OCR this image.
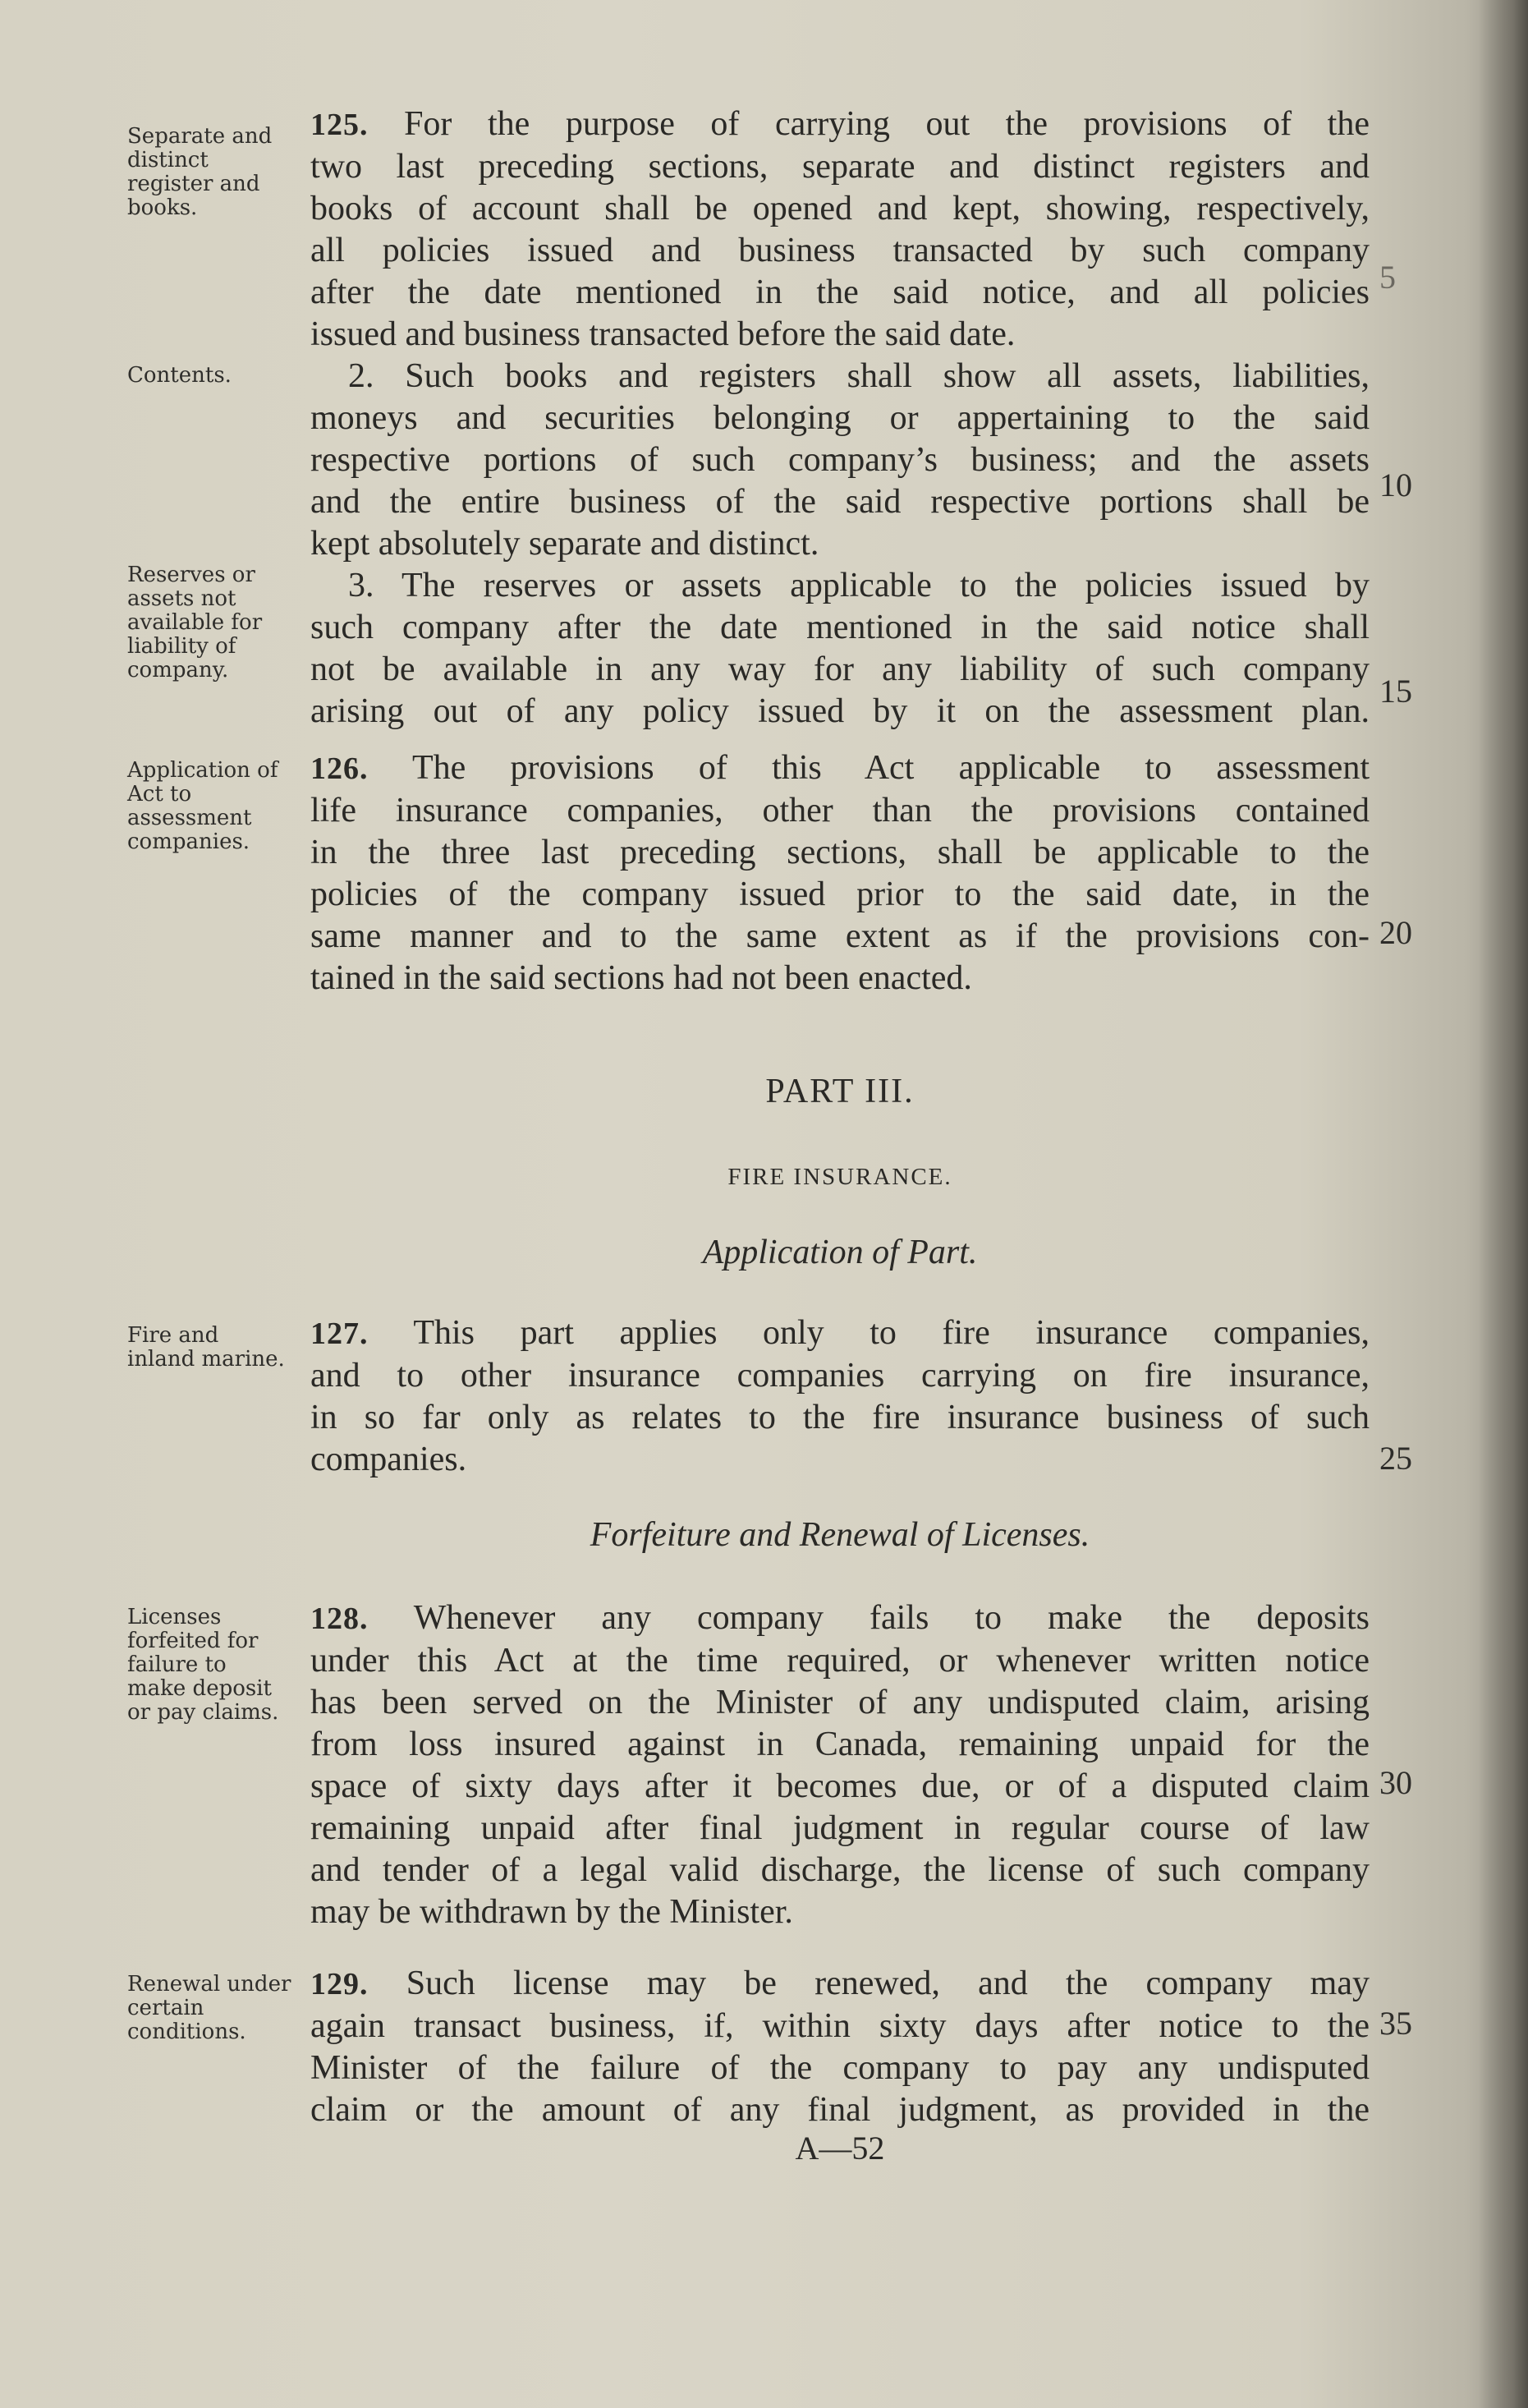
Separate and distinct register and books.
Contents.
Reserves or assets not available for liability of company.
Application of Act to assessment companies.
Fire and inland marine.
Licenses forfeited for failure to make deposit or pay claims.
Renewal under certain conditions.
125. For the purpose of carrying out the provisions of the
two last preceding sections, separate and distinct registers and
books of account shall be opened and kept, showing, respectively,
all policies issued and business transacted by such company
after the date mentioned in the said notice, and all policies
issued and business transacted before the said date.
2. Such books and registers shall show all assets, liabilities,
moneys and securities belonging or appertaining to the said
respective portions of such company’s business; and the assets
and the entire business of the said respective portions shall be
kept absolutely separate and distinct.
3. The reserves or assets applicable to the policies issued by
such company after the date mentioned in the said notice shall
not be available in any way for any liability of such company
arising out of any policy issued by it on the assessment plan.
126. The provisions of this Act applicable to assessment
life insurance companies, other than the provisions contained
in the three last preceding sections, shall be applicable to the
policies of the company issued prior to the said date, in the
same manner and to the same extent as if the provisions con-
tained in the said sections had not been enacted.
PART III.
FIRE INSURANCE.
Application of Part.
127. This part applies only to fire insurance companies,
and to other insurance companies carrying on fire insurance,
in so far only as relates to the fire insurance business of such
companies.
Forfeiture and Renewal of Licenses.
128. Whenever any company fails to make the deposits
under this Act at the time required, or whenever written notice
has been served on the Minister of any undisputed claim, arising
from loss insured against in Canada, remaining unpaid for the
space of sixty days after it becomes due, or of a disputed claim
remaining unpaid after final judgment in regular course of law
and tender of a legal valid discharge, the license of such company
may be withdrawn by the Minister.
129. Such license may be renewed, and the company may
again transact business, if, within sixty days after notice to the
Minister of the failure of the company to pay any undisputed
claim or the amount of any final judgment, as provided in the
5
10
15
20
25
30
35
A—52
